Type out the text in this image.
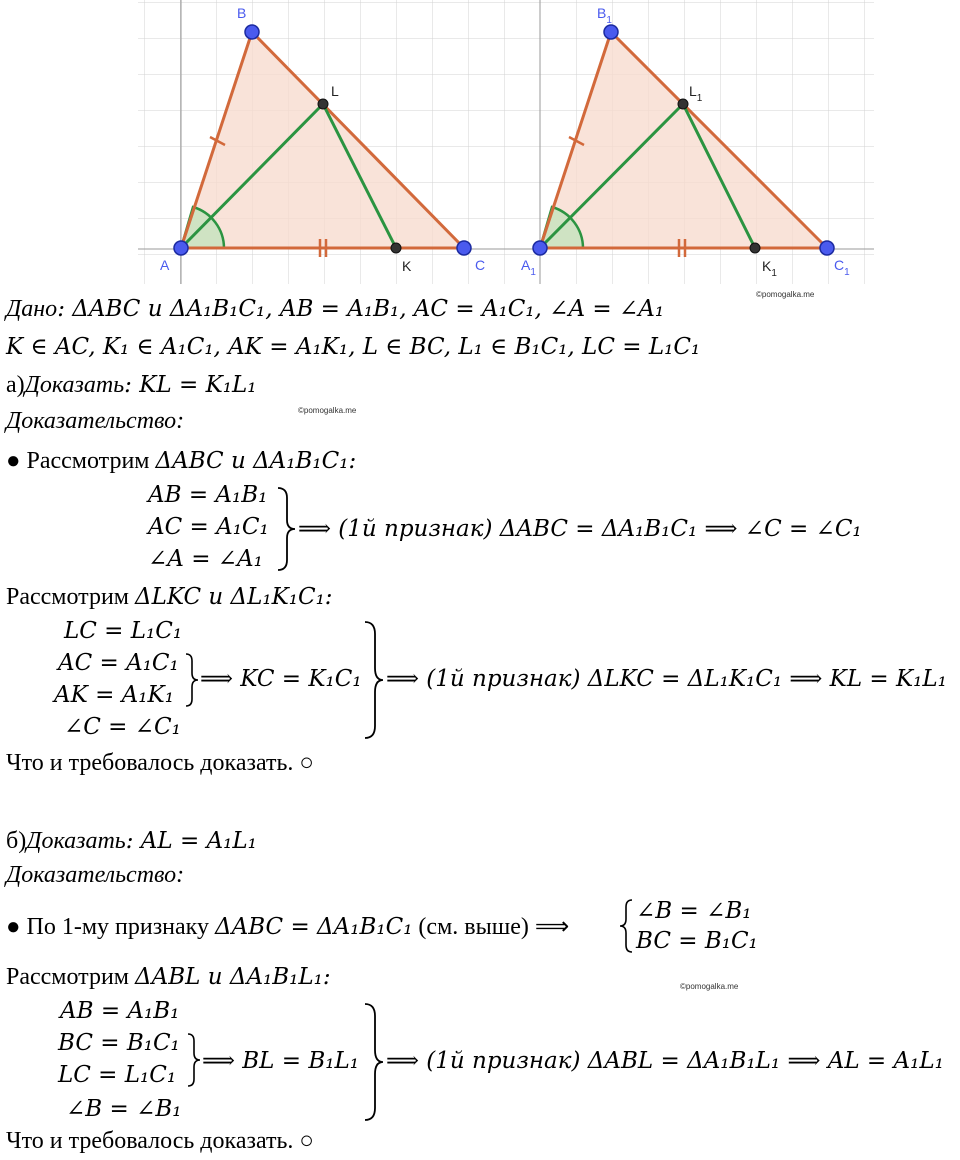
A
B
C
L
K	$A_1$
$B_1$
$C_1$
$L_1$
$K_1$
©pomogalka.me
©pomogalka.me
©pomogalka.me
Дано: ΔABC и ΔA₁B₁C₁, AB = A₁B₁, AC = A₁C₁, ∠A = ∠A₁
K ∈ AC, K₁ ∈ A₁C₁, AK = A₁K₁, L ∈ BC, L₁ ∈ B₁C₁, LC = L₁C₁
а)Доказать: KL = K₁L₁
Доказательство:
● Рассмотрим ΔABC и ΔA₁B₁C₁:
AB = A₁B₁
AC = A₁C₁
∠A = ∠A₁
⟹ (1й признак) ΔABC = ΔA₁B₁C₁ ⟹ ∠C = ∠C₁
Рассмотрим ΔLKC и ΔL₁K₁C₁:
LC = L₁C₁
AC = A₁C₁
AK = A₁K₁
⟹ KC = K₁C₁
∠C = ∠C₁
⟹ (1й признак) ΔLKC = ΔL₁K₁C₁ ⟹ KL = K₁L₁
Что и требовалось доказать. ○
б)Доказать: AL = A₁L₁
Доказательство:
● По 1-му признаку ΔABC = ΔA₁B₁C₁ (см. выше) ⟹
∠B = ∠B₁
BC = B₁C₁
Рассмотрим ΔABL и ΔA₁B₁L₁:
AB = A₁B₁
BC = B₁C₁
LC = L₁C₁
⟹ BL = B₁L₁
∠B = ∠B₁
⟹ (1й признак) ΔABL = ΔA₁B₁L₁ ⟹ AL = A₁L₁
Что и требовалось доказать. ○
